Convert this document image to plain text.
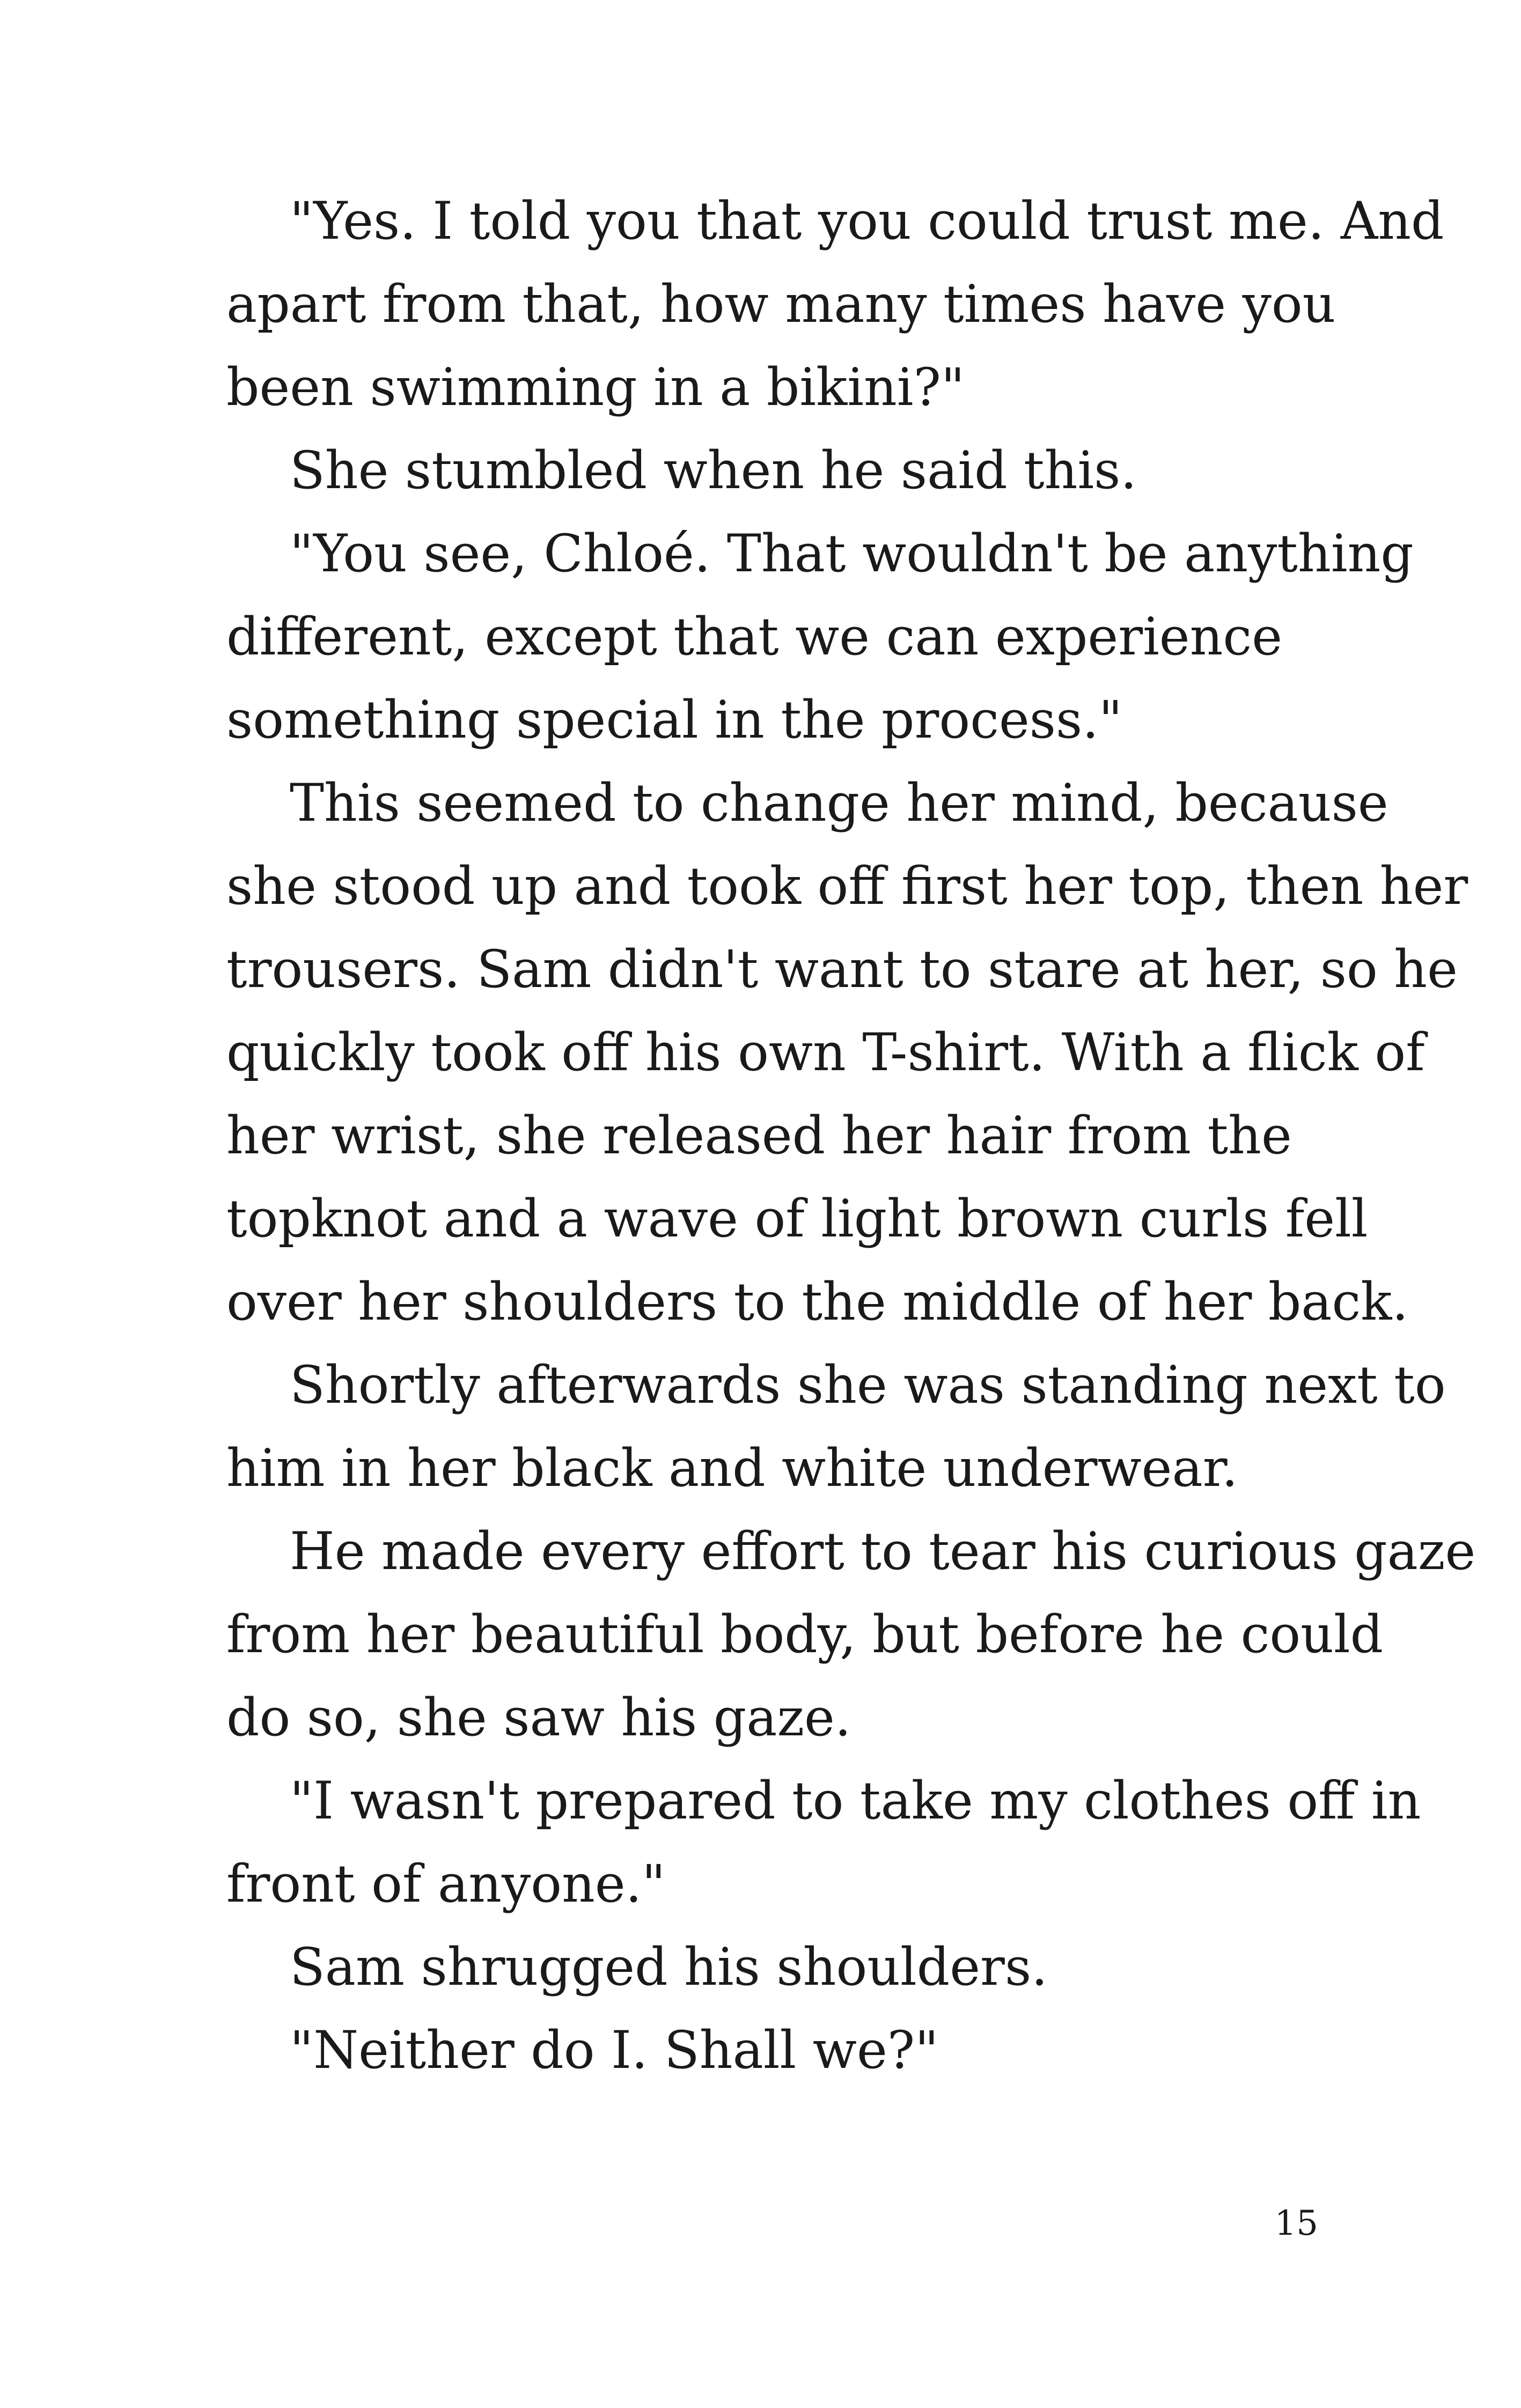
"Yes. I told you that you could trust me. And
apart from that, how many times have you
been swimming in a bikini?"
She stumbled when he said this.
"You see, Chloé. That wouldn't be anything
different, except that we can experience
something special in the process."
This seemed to change her mind, because
she stood up and took off first her top, then her
trousers. Sam didn't want to stare at her, so he
quickly took off his own T-shirt. With a flick of
her wrist, she released her hair from the
topknot and a wave of light brown curls fell
over her shoulders to the middle of her back.
Shortly afterwards she was standing next to
him in her black and white underwear.
He made every effort to tear his curious gaze
from her beautiful body, but before he could
do so, she saw his gaze.
"I wasn't prepared to take my clothes off in
front of anyone."
Sam shrugged his shoulders.
"Neither do I. Shall we?"
15
